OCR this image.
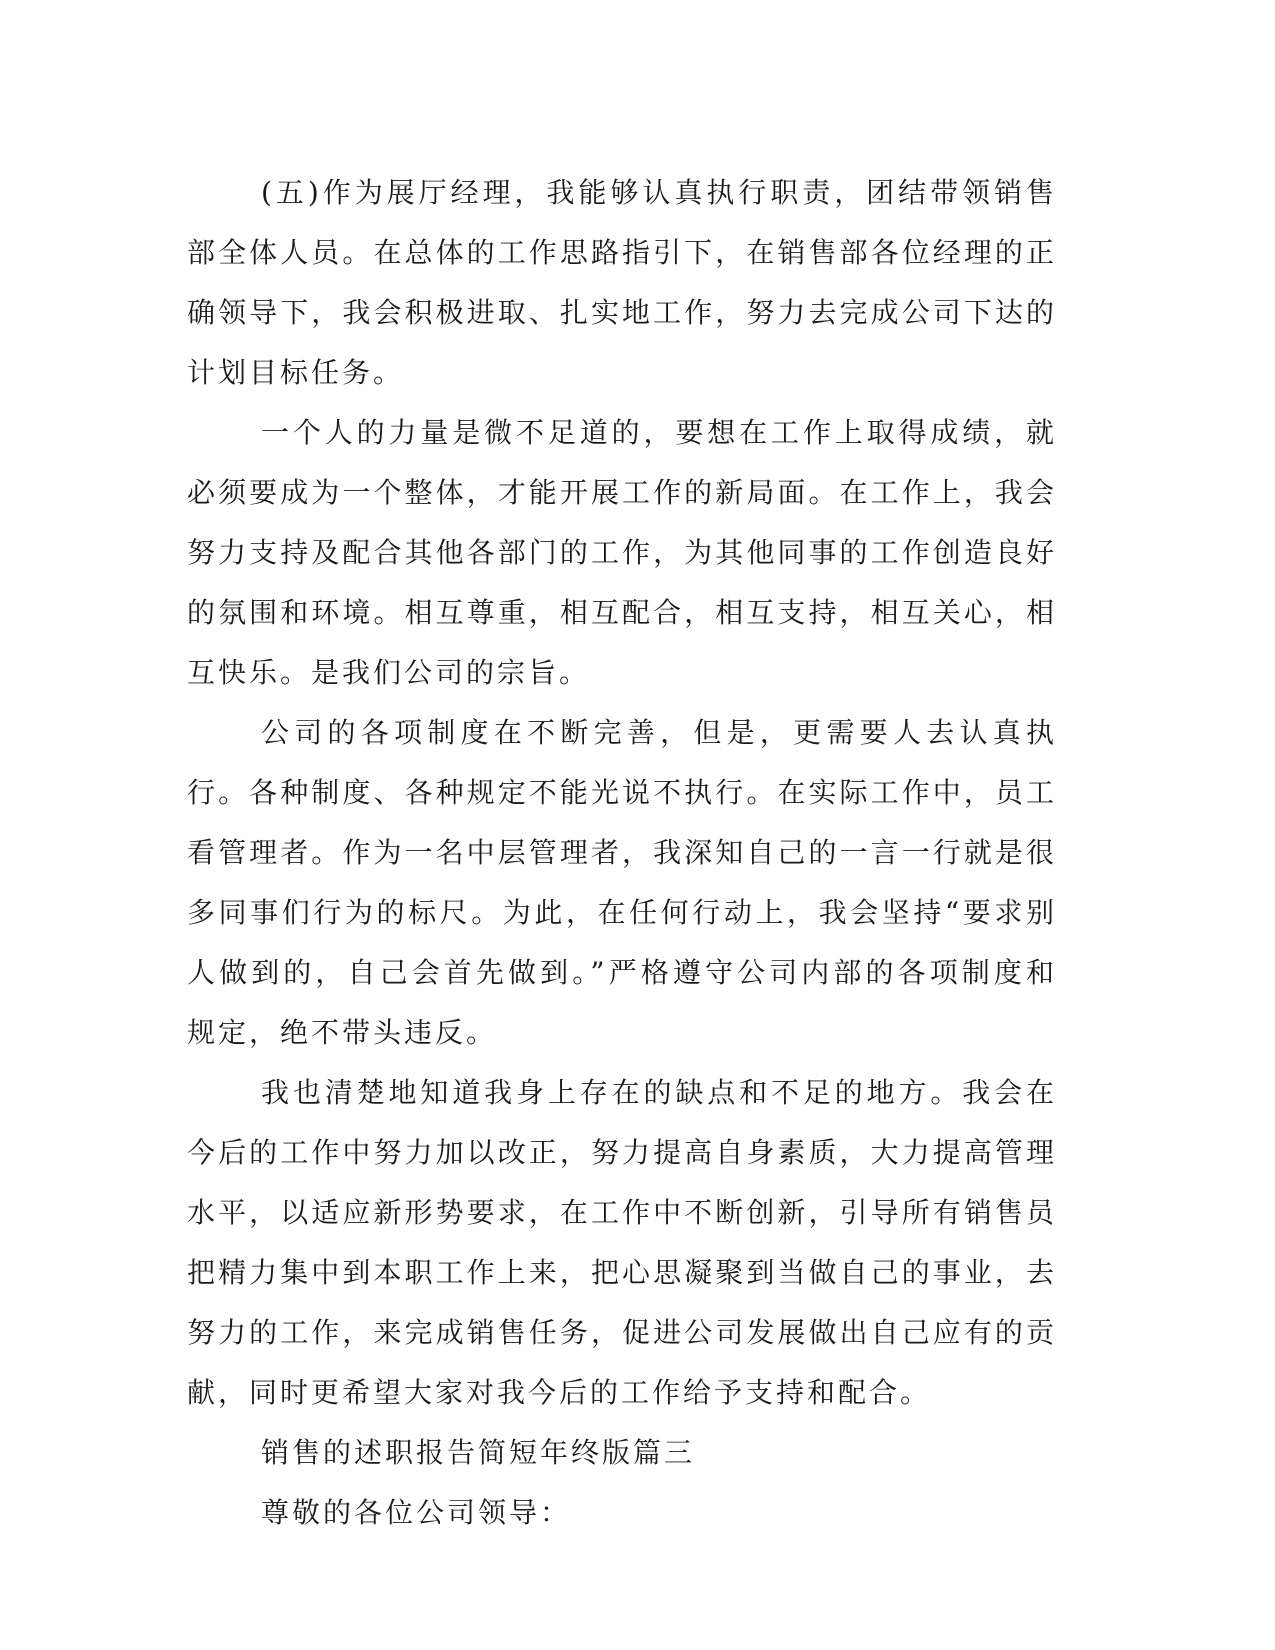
(五)作为展厅经理，我能够认真执行职责，团结带领销售部全体人员。在总体的工作思路指引下，在销售部各位经理的正确领导下，我会积极进取、扎实地工作，努力去完成公司下达的计划目标任务。

一个人的力量是微不足道的，要想在工作上取得成绩，就必须要成为一个整体，才能开展工作的新局面。在工作上，我会努力支持及配合其他各部门的工作，为其他同事的工作创造良好的氛围和环境。相互尊重，相互配合，相互支持，相互关心，相互快乐。是我们公司的宗旨。

公司的各项制度在不断完善，但是，更需要人去认真执行。各种制度、各种规定不能光说不执行。在实际工作中，员工看管理者。作为一名中层管理者，我深知自己的一言一行就是很多同事们行为的标尺。为此，在任何行动上，我会坚持“要求别人做到的，自己会首先做到。”严格遵守公司内部的各项制度和规定，绝不带头违反。

我也清楚地知道我身上存在的缺点和不足的地方。我会在今后的工作中努力加以改正，努力提高自身素质，大力提高管理水平，以适应新形势要求，在工作中不断创新，引导所有销售员把精力集中到本职工作上来，把心思凝聚到当做自己的事业，去努力的工作，来完成销售任务，促进公司发展做出自己应有的贡献，同时更希望大家对我今后的工作给予支持和配合。

销售的述职报告简短年终版篇三

尊敬的各位公司领导：
